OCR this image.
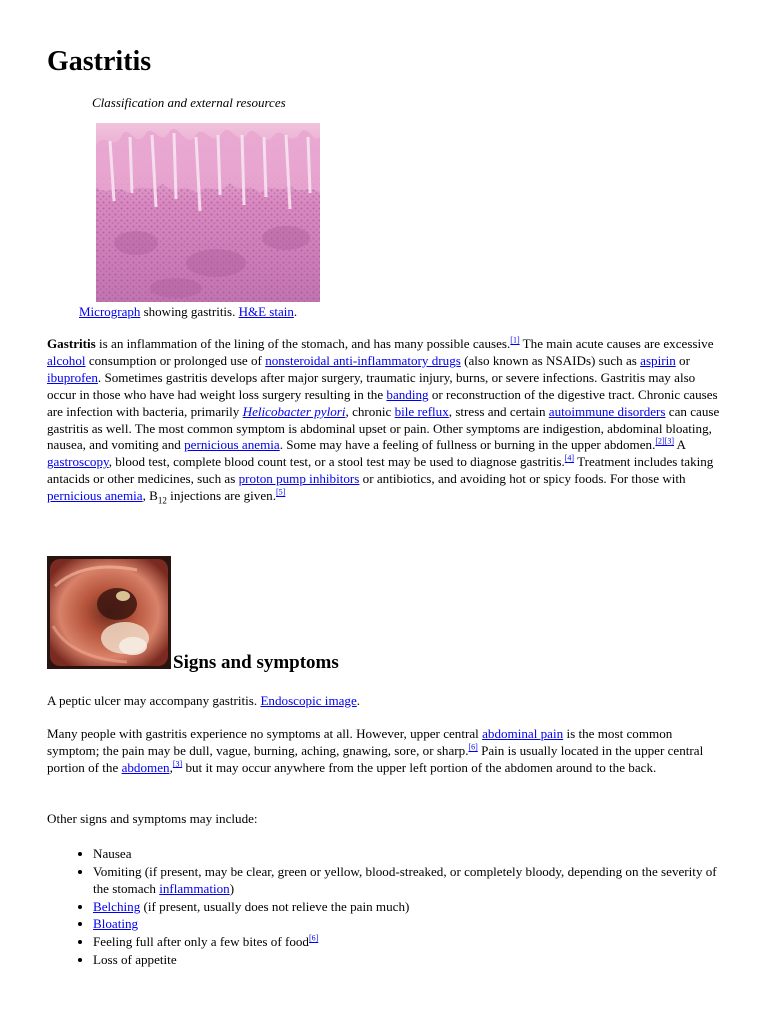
Gastritis
Classification and external resources
Micrograph showing gastritis. H&E stain.

Gastritis is an inflammation of the lining of the stomach, and has many possible causes.[1] The main acute causes are excessive alcohol consumption or prolonged use of nonsteroidal anti-inflammatory drugs (also known as NSAIDs) such as aspirin or ibuprofen. Sometimes gastritis develops after major surgery, traumatic injury, burns, or severe infections. Gastritis may also occur in those who have had weight loss surgery resulting in the banding or reconstruction of the digestive tract. Chronic causes are infection with bacteria, primarily Helicobacter pylori, chronic bile reflux, stress and certain autoimmune disorders can cause gastritis as well. The most common symptom is abdominal upset or pain. Other symptoms are indigestion, abdominal bloating, nausea, and vomiting and pernicious anemia. Some may have a feeling of fullness or burning in the upper abdomen.[2][3] A gastroscopy, blood test, complete blood count test, or a stool test may be used to diagnose gastritis.[4] Treatment includes taking antacids or other medicines, such as proton pump inhibitors or antibiotics, and avoiding hot or spicy foods. For those with pernicious anemia, $B_{12}$ injections are given.[5]

Signs and symptoms

A peptic ulcer may accompany gastritis. Endoscopic image.

Many people with gastritis experience no symptoms at all. However, upper central abdominal pain is the most common symptom; the pain may be dull, vague, burning, aching, gnawing, sore, or sharp.[6] Pain is usually located in the upper central portion of the abdomen,[3] but it may occur anywhere from the upper left portion of the abdomen around to the back.

Other signs and symptoms may include:

• Nausea
• Vomiting (if present, may be clear, green or yellow, blood-streaked, or completely bloody, depending on the severity of the stomach inflammation)
• Belching (if present, usually does not relieve the pain much)
• Bloating
• Feeling full after only a few bites of food[6]
• Loss of appetite
